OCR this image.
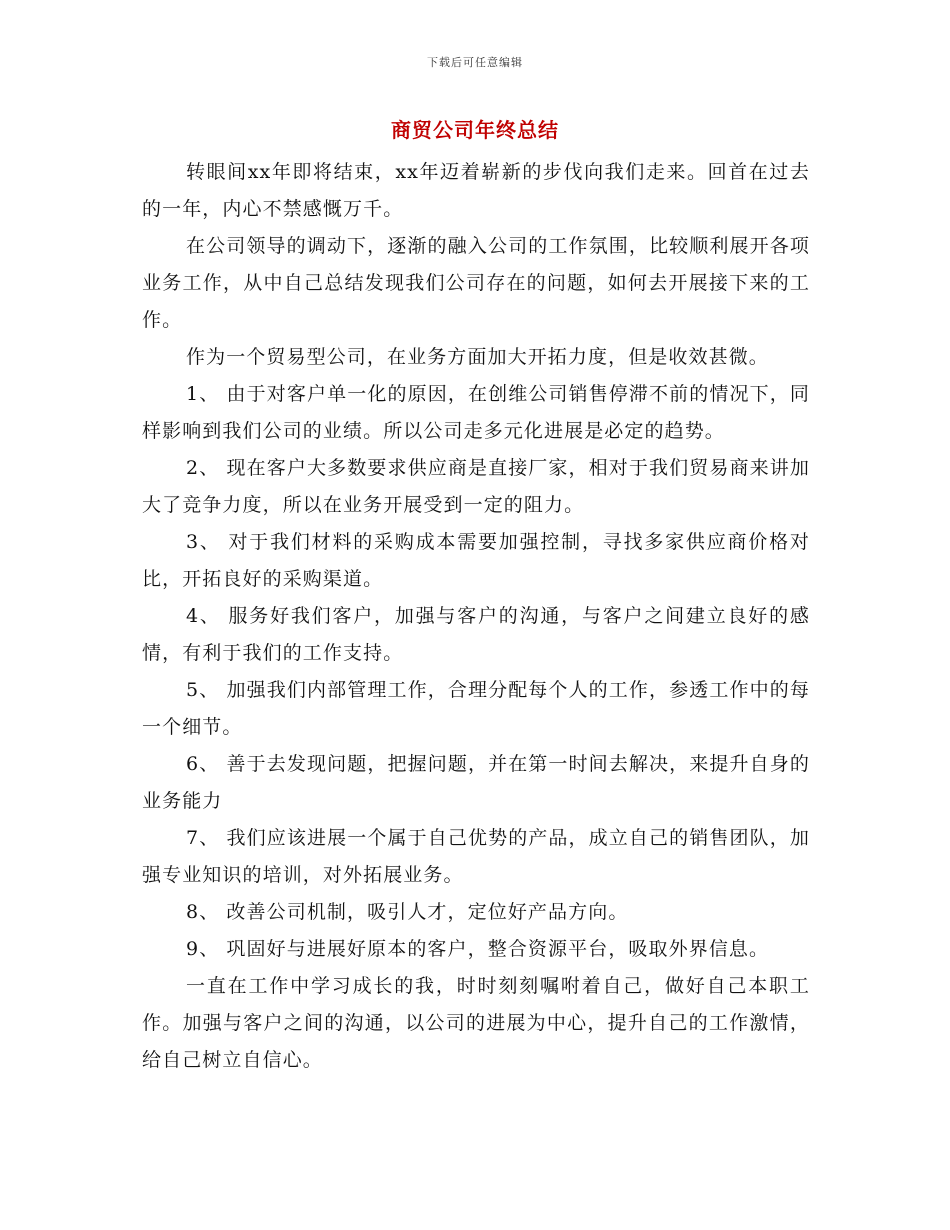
下载后可任意编辑
商贸公司年终总结

转眼间xx年即将结束，xx年迈着崭新的步伐向我们走来。回首在过去的一年，内心不禁感慨万千。

在公司领导的调动下，逐渐的融入公司的工作氛围，比较顺利展开各项业务工作，从中自己总结发现我们公司存在的问题，如何去开展接下来的工作。

作为一个贸易型公司，在业务方面加大开拓力度，但是收效甚微。

1、 由于对客户单一化的原因，在创维公司销售停滞不前的情况下，同样影响到我们公司的业绩。所以公司走多元化进展是必定的趋势。

2、 现在客户大多数要求供应商是直接厂家，相对于我们贸易商来讲加大了竞争力度，所以在业务开展受到一定的阻力。

3、 对于我们材料的采购成本需要加强控制，寻找多家供应商价格对比，开拓良好的采购渠道。

4、 服务好我们客户，加强与客户的沟通，与客户之间建立良好的感情，有利于我们的工作支持。

5、 加强我们内部管理工作，合理分配每个人的工作，参透工作中的每一个细节。

6、 善于去发现问题，把握问题，并在第一时间去解决，来提升自身的业务能力

7、 我们应该进展一个属于自己优势的产品，成立自己的销售团队，加强专业知识的培训，对外拓展业务。

8、 改善公司机制，吸引人才，定位好产品方向。

9、 巩固好与进展好原本的客户，整合资源平台，吸取外界信息。

一直在工作中学习成长的我，时时刻刻嘱咐着自己，做好自己本职工作。加强与客户之间的沟通，以公司的进展为中心，提升自己的工作激情，给自己树立自信心。
